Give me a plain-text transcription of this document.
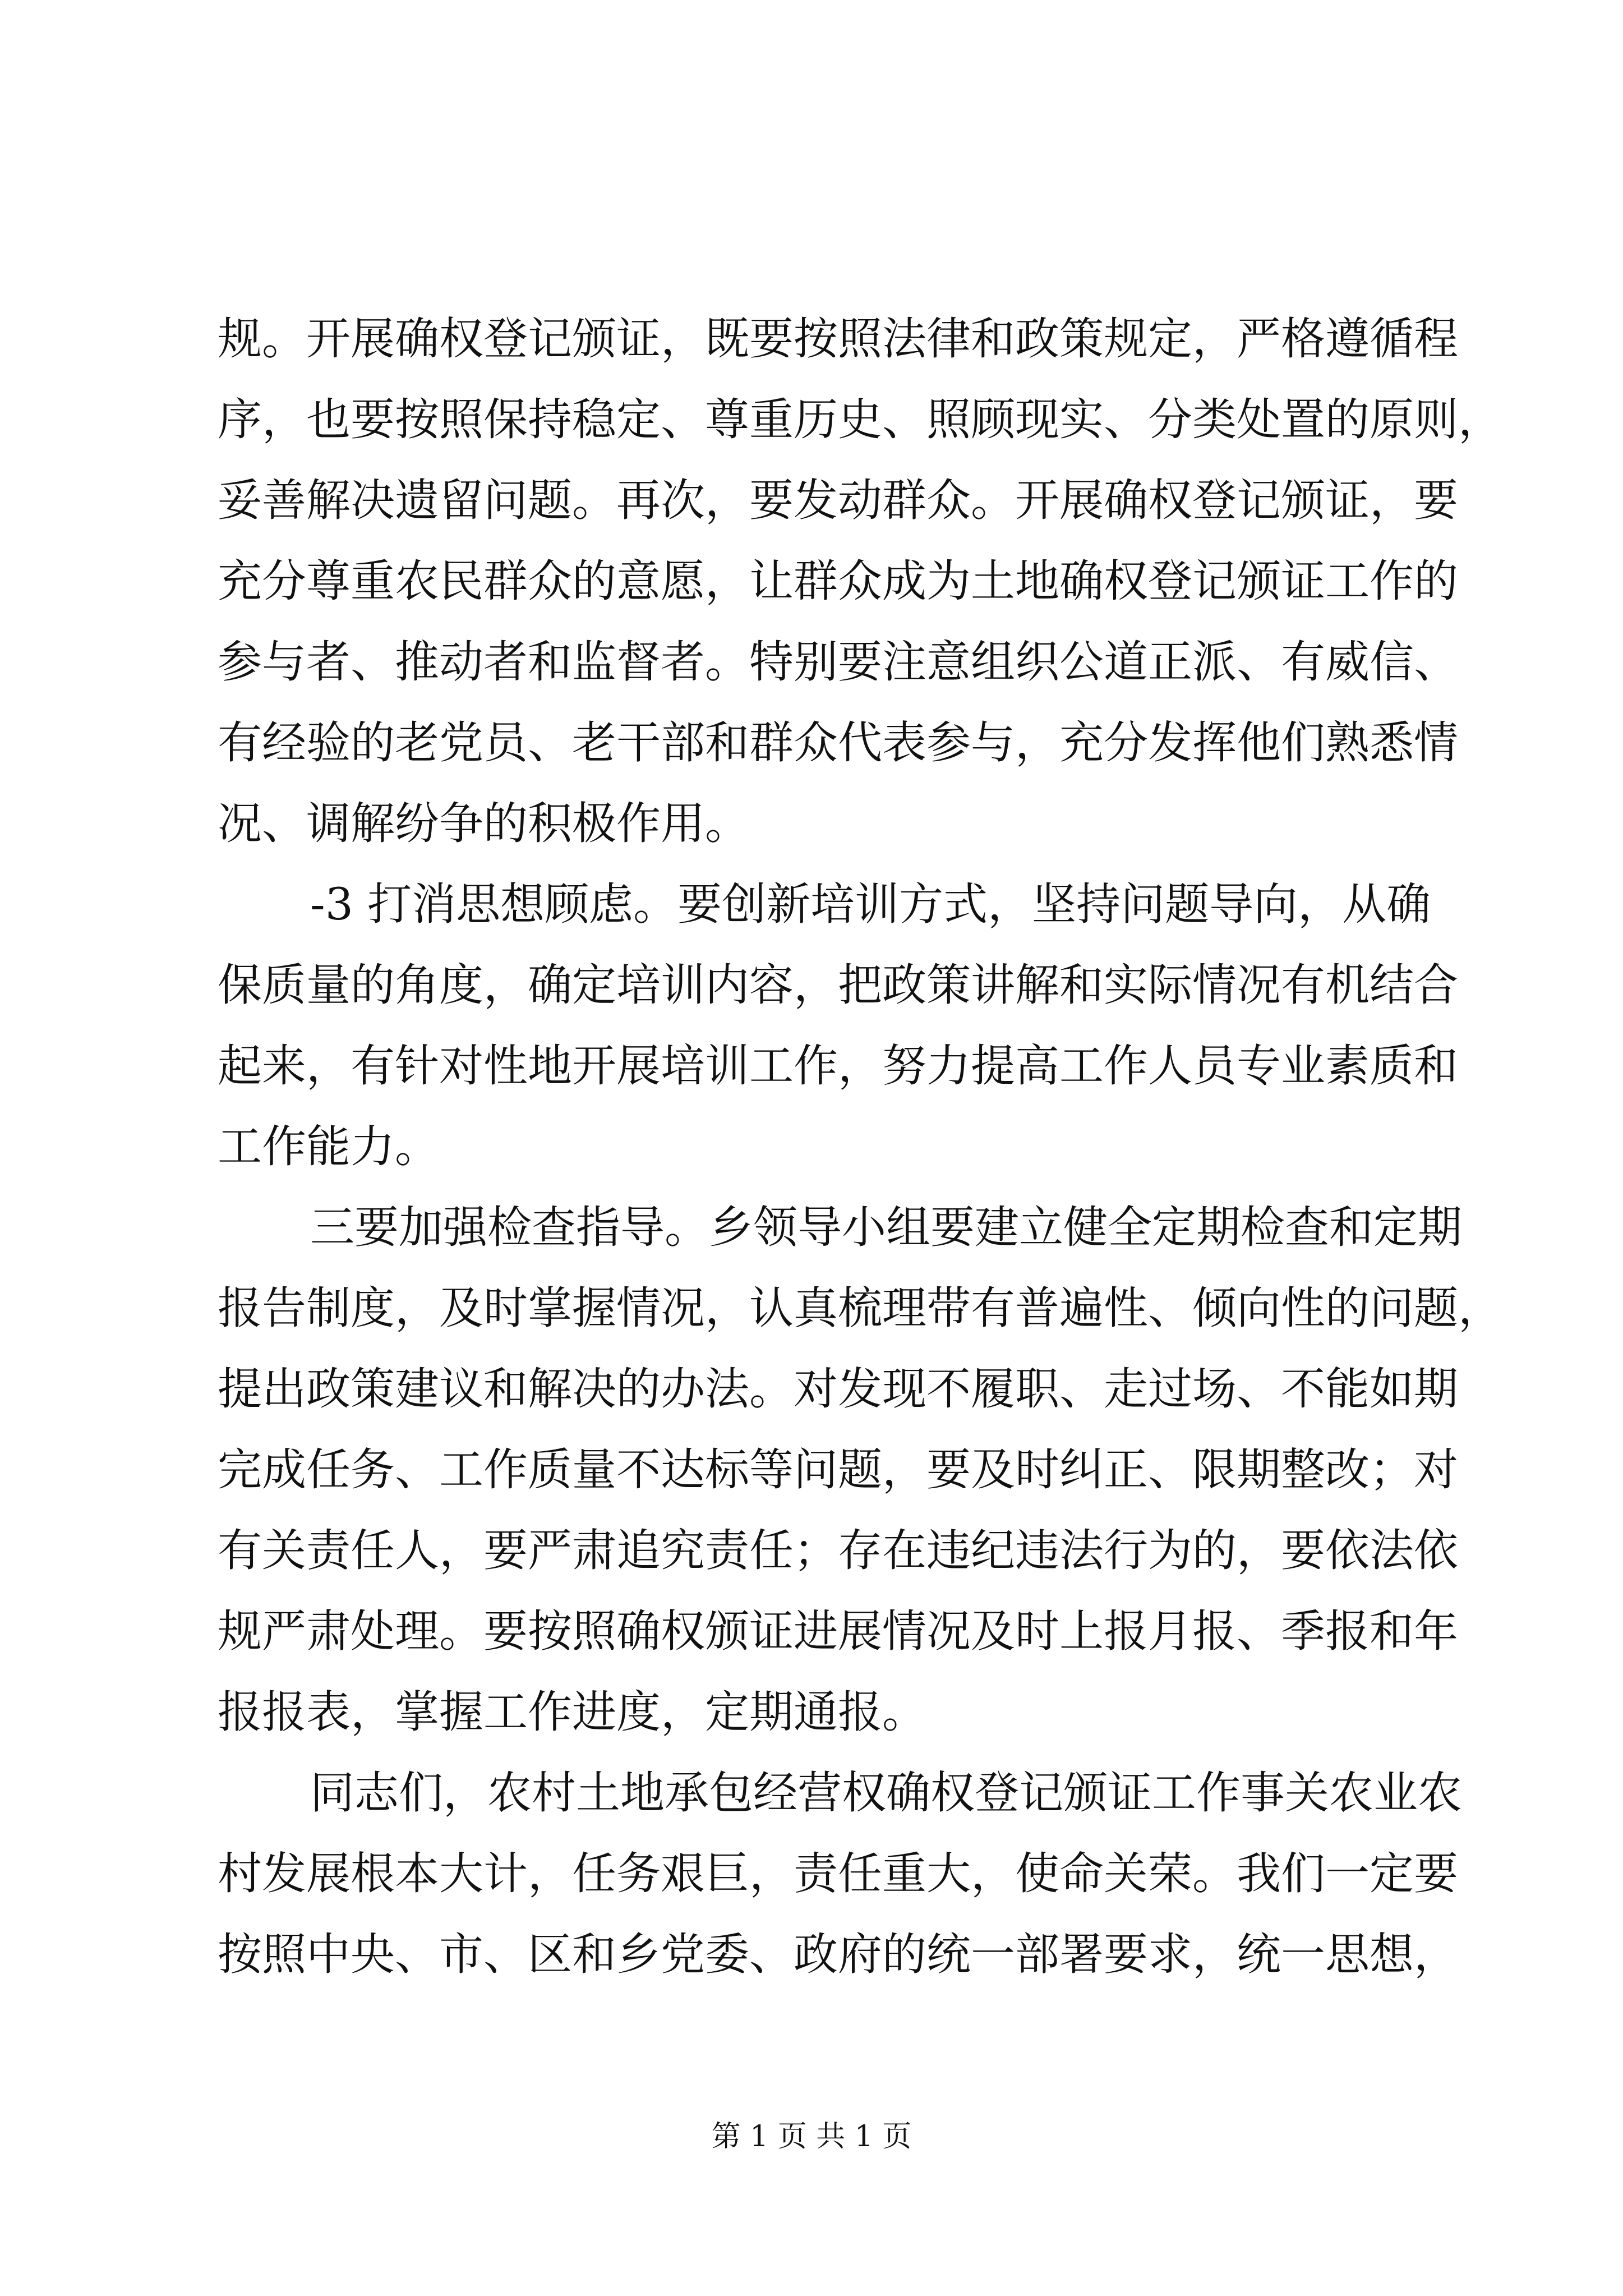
规。开展确权登记颁证，既要按照法律和政策规定，严格遵循程
序，也要按照保持稳定、尊重历史、照顾现实、分类处置的原则，
妥善解决遗留问题。再次，要发动群众。开展确权登记颁证，要
充分尊重农民群众的意愿，让群众成为土地确权登记颁证工作的
参与者、推动者和监督者。特别要注意组织公道正派、有威信、
有经验的老党员、老干部和群众代表参与，充分发挥他们熟悉情
况、调解纷争的积极作用。
-3 打消思想顾虑。要创新培训方式，坚持问题导向，从确
保质量的角度，确定培训内容，把政策讲解和实际情况有机结合
起来，有针对性地开展培训工作，努力提高工作人员专业素质和
工作能力。
三要加强检查指导。乡领导小组要建立健全定期检查和定期
报告制度，及时掌握情况，认真梳理带有普遍性、倾向性的问题，
提出政策建议和解决的办法。对发现不履职、走过场、不能如期
完成任务、工作质量不达标等问题，要及时纠正、限期整改；对
有关责任人，要严肃追究责任；存在违纪违法行为的，要依法依
规严肃处理。要按照确权颁证进展情况及时上报月报、季报和年
报报表，掌握工作进度，定期通报。
同志们，农村土地承包经营权确权登记颁证工作事关农业农
村发展根本大计，任务艰巨，责任重大，使命关荣。我们一定要
按照中央、市、区和乡党委、政府的统一部署要求，统一思想，
第 1 页 共 1 页
